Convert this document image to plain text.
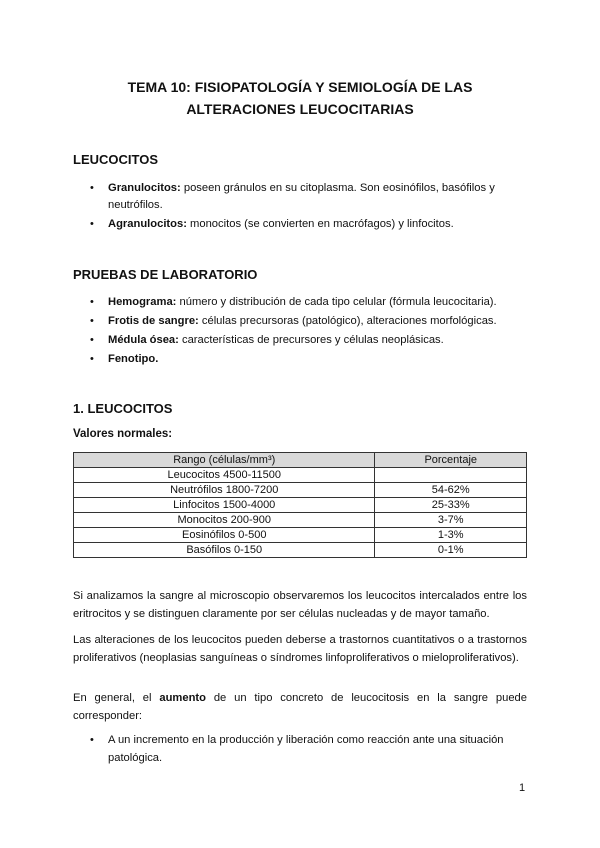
TEMA 10: FISIOPATOLOGÍA Y SEMIOLOGÍA DE LAS
ALTERACIONES LEUCOCITARIAS
LEUCOCITOS
• Granulocitos: poseen gránulos en su citoplasma. Son eosinófilos, basófilos y neutrófilos.
• Agranulocitos: monocitos (se convierten en macrófagos) y linfocitos.
PRUEBAS DE LABORATORIO
• Hemograma: número y distribución de cada tipo celular (fórmula leucocitaria).
• Frotis de sangre: células precursoras (patológico), alteraciones morfológicas.
• Médula ósea: características de precursores y células neoplásicas.
• Fenotipo.
1. LEUCOCITOS
Valores normales:
Rango (células/mm³)	Porcentaje
Leucocitos 4500-11500	
Neutrófilos 1800-7200	54-62%
Linfocitos 1500-4000	25-33%
Monocitos 200-900	3-7%
Eosinófilos 0-500	1-3%
Basófilos 0-150	0-1%

Si analizamos la sangre al microscopio observaremos los leucocitos intercalados entre los eritrocitos y se distinguen claramente por ser células nucleadas y de mayor tamaño.

Las alteraciones de los leucocitos pueden deberse a trastornos cuantitativos o a trastornos proliferativos (neoplasias sanguíneas o síndromes linfoproliferativos o mieloproliferativos).

En general, el aumento de un tipo concreto de leucocitosis en la sangre puede corresponder:

• A un incremento en la producción y liberación como reacción ante una situación patológica.
1
